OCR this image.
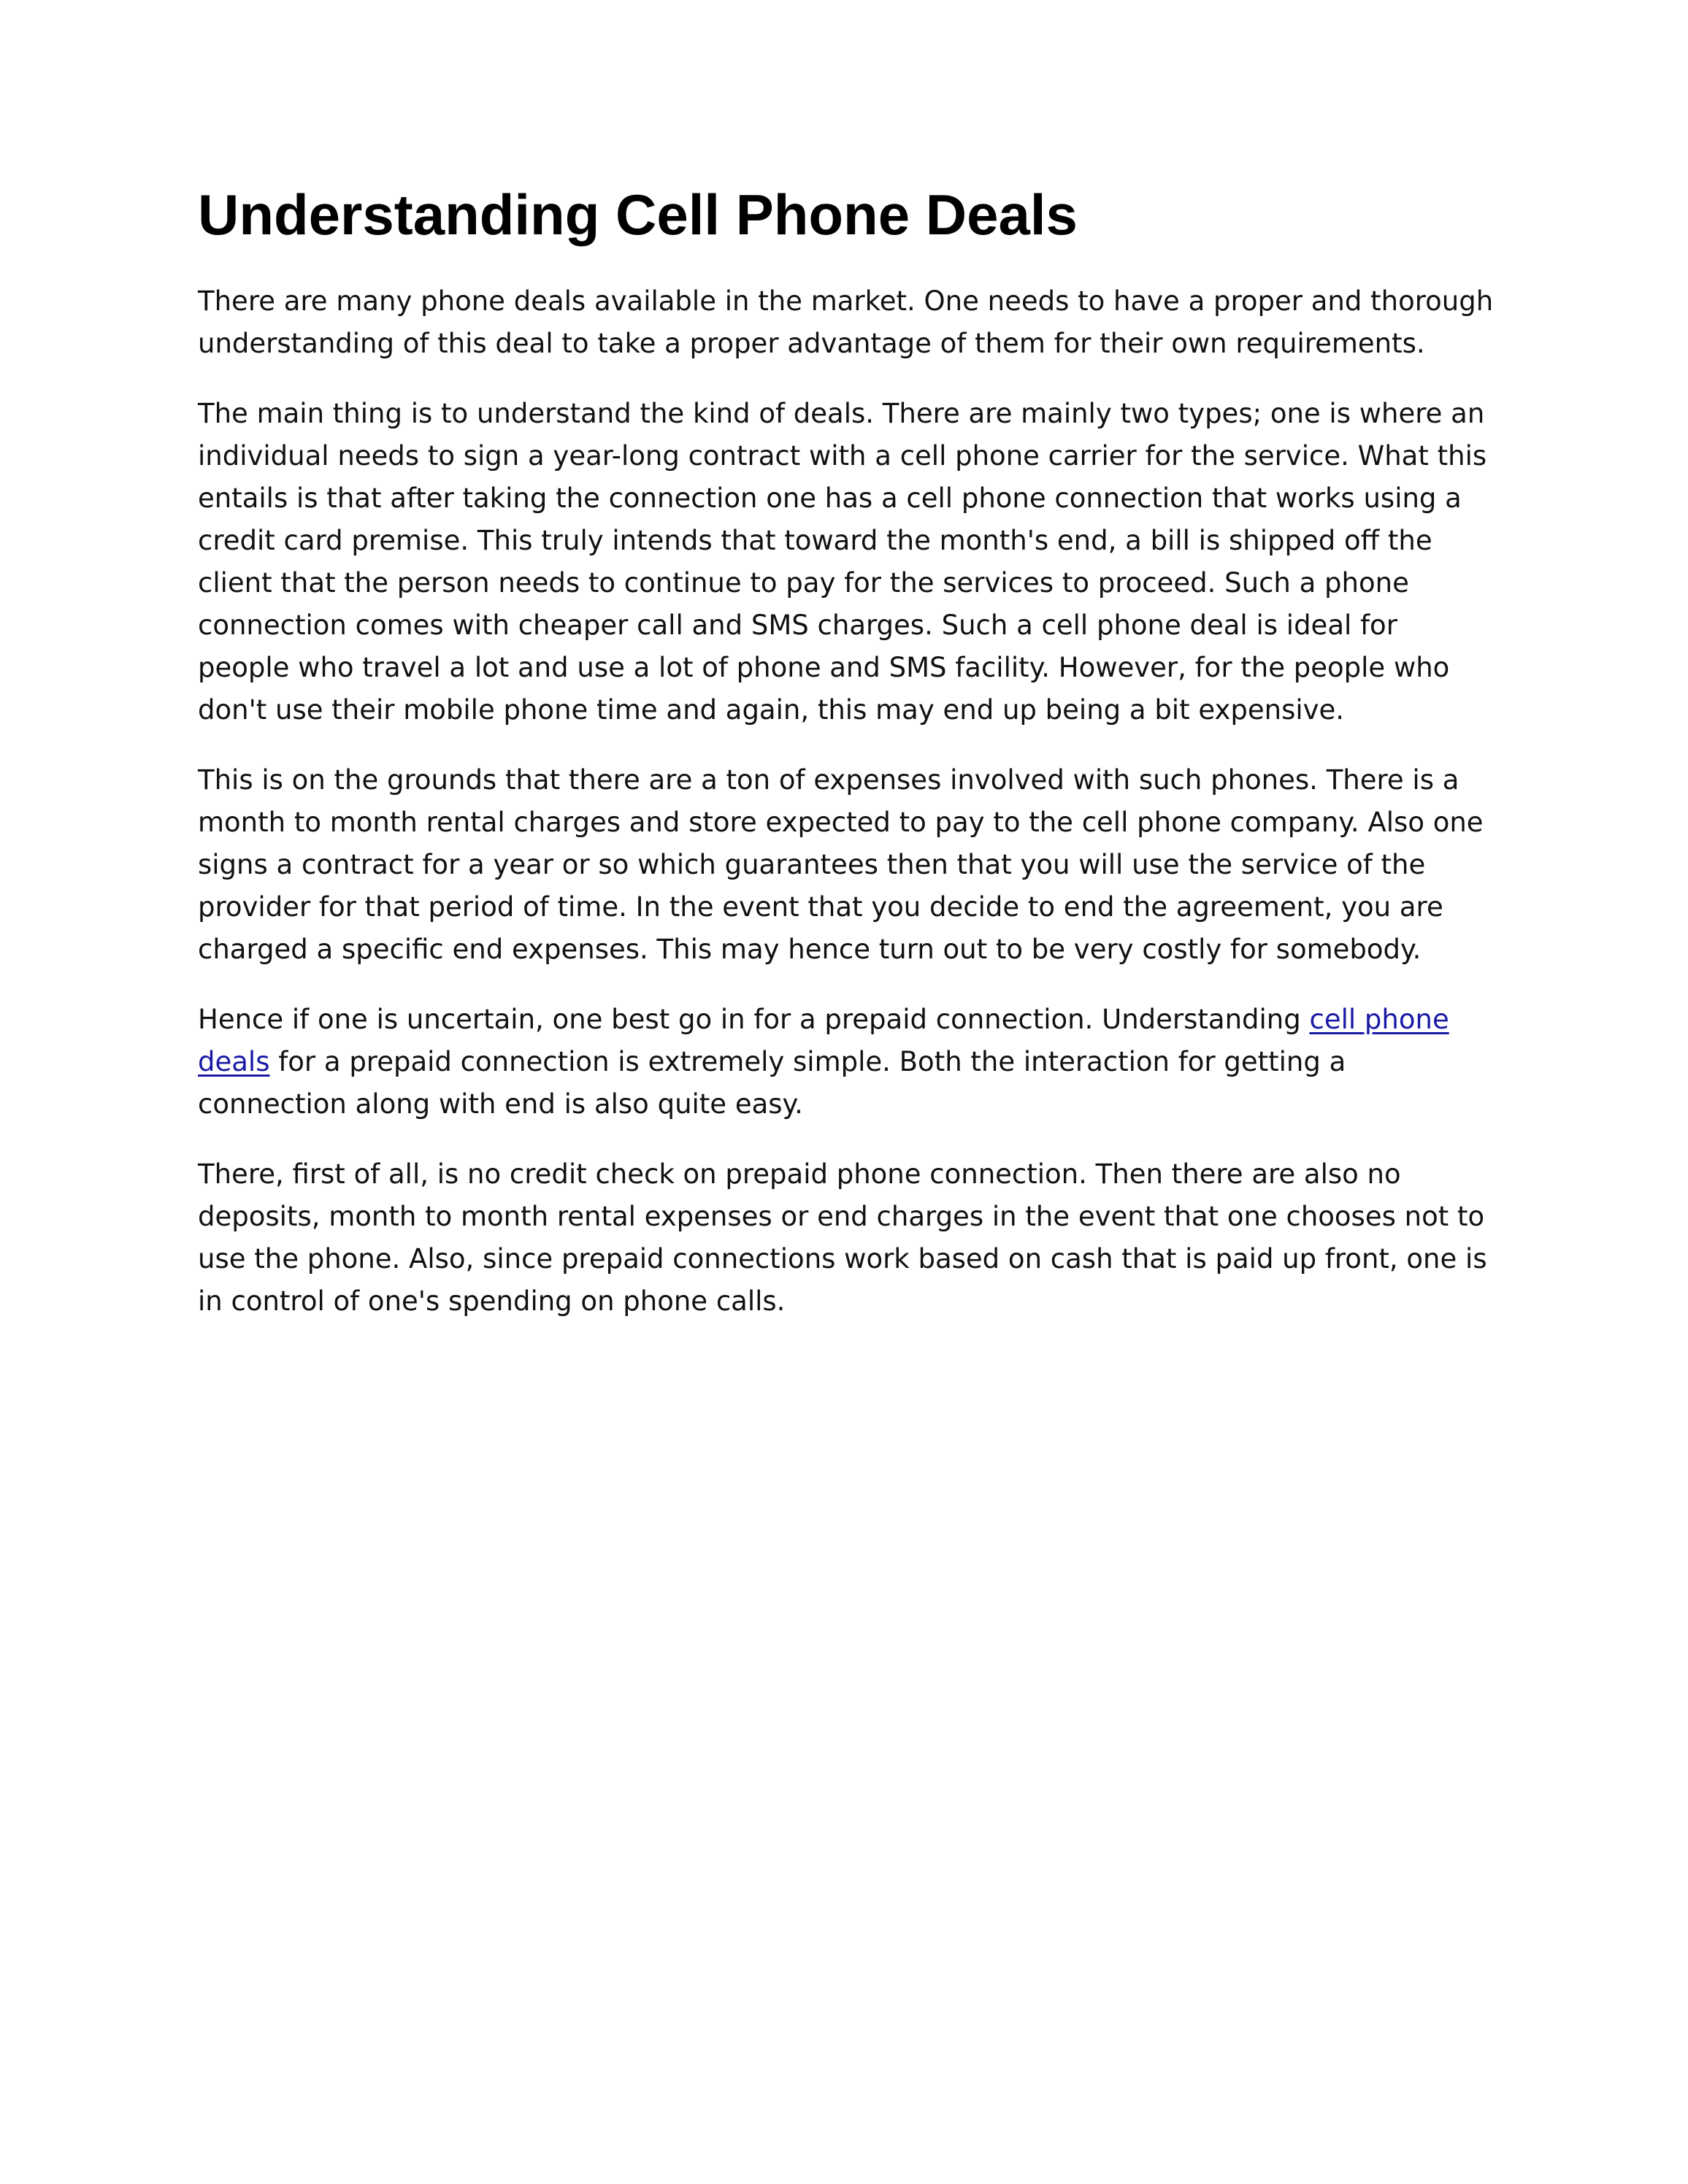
Understanding Cell Phone Deals

There are many phone deals available in the market. One needs to have a proper and thorough understanding of this deal to take a proper advantage of them for their own requirements.

The main thing is to understand the kind of deals. There are mainly two types; one is where an individual needs to sign a year-long contract with a cell phone carrier for the service. What this entails is that after taking the connection one has a cell phone connection that works using a credit card premise. This truly intends that toward the month's end, a bill is shipped off the client that the person needs to continue to pay for the services to proceed. Such a phone connection comes with cheaper call and SMS charges. Such a cell phone deal is ideal for people who travel a lot and use a lot of phone and SMS facility. However, for the people who don't use their mobile phone time and again, this may end up being a bit expensive.

This is on the grounds that there are a ton of expenses involved with such phones. There is a month to month rental charges and store expected to pay to the cell phone company. Also one signs a contract for a year or so which guarantees then that you will use the service of the provider for that period of time. In the event that you decide to end the agreement, you are charged a specific end expenses. This may hence turn out to be very costly for somebody.

Hence if one is uncertain, one best go in for a prepaid connection. Understanding cell phone deals for a prepaid connection is extremely simple. Both the interaction for getting a connection along with end is also quite easy.

There, first of all, is no credit check on prepaid phone connection. Then there are also no deposits, month to month rental expenses or end charges in the event that one chooses not to use the phone. Also, since prepaid connections work based on cash that is paid up front, one is in control of one's spending on phone calls.
